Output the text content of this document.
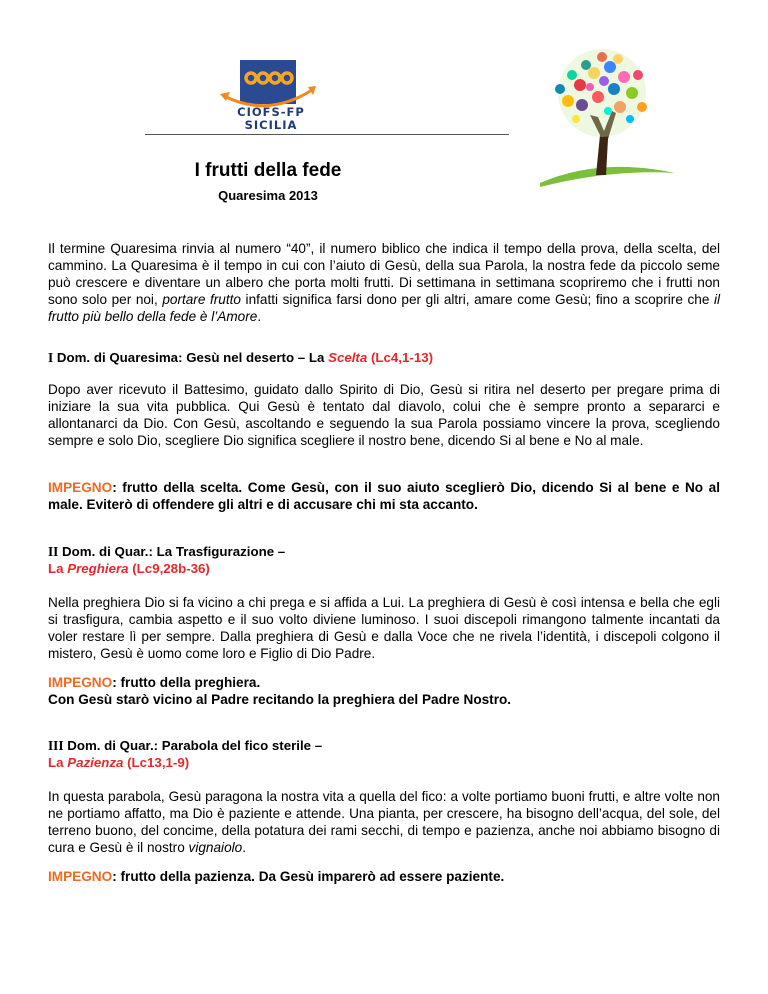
CIOFS-FP
SICILIA
I frutti della fede
Quaresima 2013
Il termine Quaresima rinvia al numero “40”, il numero biblico che indica il tempo della prova, della scelta, del cammino. La Quaresima è il tempo in cui con l’aiuto di Gesù, della sua Parola, la nostra fede da piccolo seme può crescere e diventare un albero che porta molti frutti. Di settimana in settimana scopriremo che i frutti non sono solo per noi, portare frutto infatti significa farsi dono per gli altri, amare come Gesù; fino a scoprire che il frutto più bello della fede è l’Amore.
I Dom. di Quaresima: Gesù nel deserto – La Scelta (Lc4,1-13)
Dopo aver ricevuto il Battesimo, guidato dallo Spirito di Dio, Gesù si ritira nel deserto per pregare prima di iniziare la sua vita pubblica. Qui Gesù è tentato dal diavolo, colui che è sempre pronto a separarci e allontanarci da Dio. Con Gesù, ascoltando e seguendo la sua Parola possiamo vincere la prova, scegliendo sempre e solo Dio, scegliere Dio significa scegliere il nostro bene, dicendo Si al bene e No al male.
IMPEGNO: frutto della scelta. Come Gesù, con il suo aiuto sceglierò Dio, dicendo Si al bene e No al male. Eviterò di offendere gli altri e di accusare chi mi sta accanto.
II Dom. di Quar.: La Trasfigurazione –
La Preghiera (Lc9,28b-36)
Nella preghiera Dio si fa vicino a chi prega e si affida a Lui. La preghiera di Gesù è così intensa e bella che egli si trasfigura, cambia aspetto e il suo volto diviene luminoso. I suoi discepoli rimangono talmente incantati da voler restare lì per sempre. Dalla preghiera di Gesù e dalla Voce che ne rivela l’identità, i discepoli colgono il mistero, Gesù è uomo come loro e Figlio di Dio Padre.
IMPEGNO: frutto della preghiera.
Con Gesù starò vicino al Padre recitando la preghiera del Padre Nostro.
III Dom. di Quar.: Parabola del fico sterile –
La Pazienza (Lc13,1-9)
In questa parabola, Gesù paragona la nostra vita a quella del fico: a volte portiamo buoni frutti, e altre volte non ne portiamo affatto, ma Dio è paziente e attende. Una pianta, per crescere, ha bisogno dell’acqua, del sole, del terreno buono, del concime, della potatura dei rami secchi, di tempo e pazienza, anche noi abbiamo bisogno di cura e Gesù è il nostro vignaiolo.
IMPEGNO: frutto della pazienza. Da Gesù imparerò ad essere paziente.
